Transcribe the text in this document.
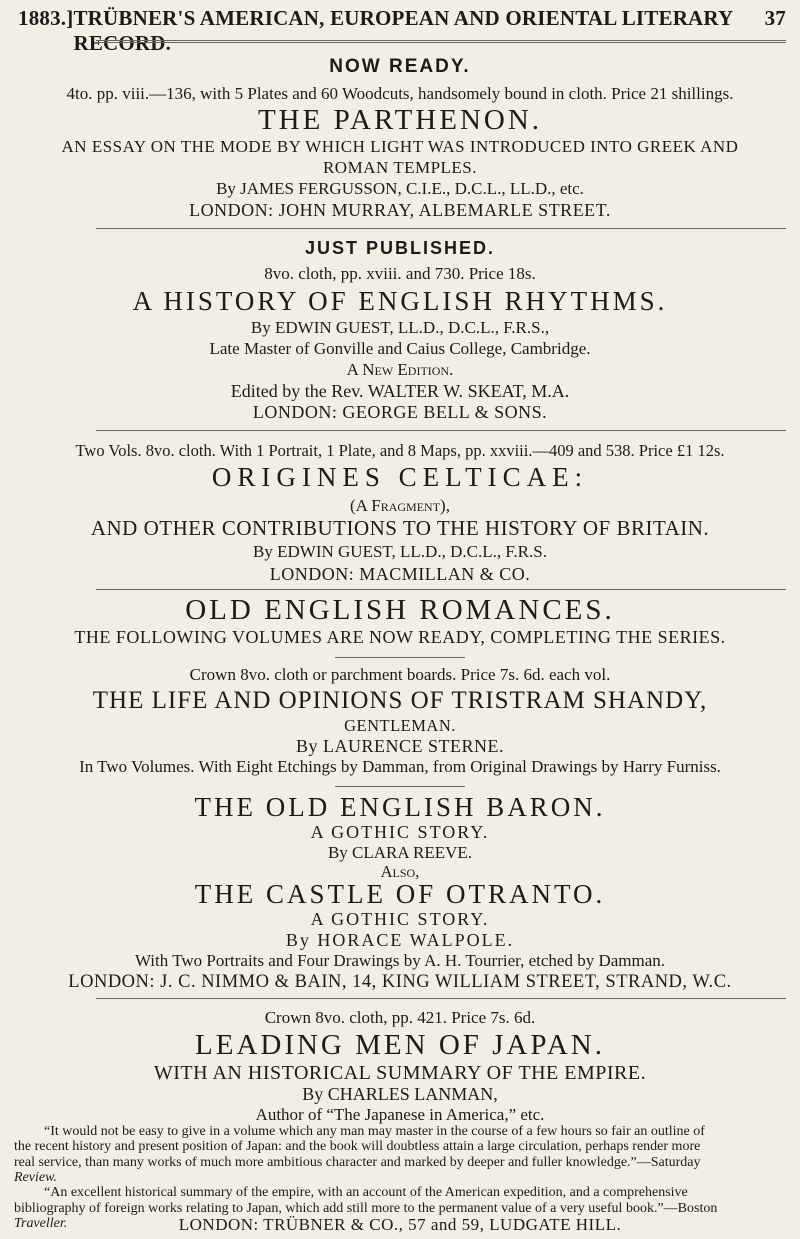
1883.] TRÜBNER'S AMERICAN, EUROPEAN AND ORIENTAL LITERARY RECORD.
37
NOW READY.
4to. pp. viii.—136, with 5 Plates and 60 Woodcuts, handsomely bound in cloth. Price 21 shillings.
THE PARTHENON.
AN ESSAY ON THE MODE BY WHICH LIGHT WAS INTRODUCED INTO GREEK AND
ROMAN TEMPLES.
By JAMES FERGUSSON, C.I.E., D.C.L., LL.D., etc.
LONDON: JOHN MURRAY, ALBEMARLE STREET.
JUST PUBLISHED.
8vo. cloth, pp. xviii. and 730. Price 18s.
A HISTORY OF ENGLISH RHYTHMS.
By EDWIN GUEST, LL.D., D.C.L., F.R.S.,
Late Master of Gonville and Caius College, Cambridge.
A New Edition.
Edited by the Rev. WALTER W. SKEAT, M.A.
LONDON: GEORGE BELL & SONS.
Two Vols. 8vo. cloth. With 1 Portrait, 1 Plate, and 8 Maps, pp. xxviii.—409 and 538. Price £1 12s.
ORIGINES CELTICAE:
(A Fragment),
AND OTHER CONTRIBUTIONS TO THE HISTORY OF BRITAIN.
By EDWIN GUEST, LL.D., D.C.L., F.R.S.
LONDON: MACMILLAN & CO.
OLD ENGLISH ROMANCES.
THE FOLLOWING VOLUMES ARE NOW READY, COMPLETING THE SERIES.
Crown 8vo. cloth or parchment boards. Price 7s. 6d. each vol.
THE LIFE AND OPINIONS OF TRISTRAM SHANDY,
GENTLEMAN.
By LAURENCE STERNE.
In Two Volumes. With Eight Etchings by Damman, from Original Drawings by Harry Furniss.
THE OLD ENGLISH BARON.
A GOTHIC STORY.
By CLARA REEVE.
Also,
THE CASTLE OF OTRANTO.
A GOTHIC STORY.
By HORACE WALPOLE.
With Two Portraits and Four Drawings by A. H. Tourrier, etched by Damman.
LONDON: J. C. NIMMO & BAIN, 14, KING WILLIAM STREET, STRAND, W.C.
Crown 8vo. cloth, pp. 421. Price 7s. 6d.
LEADING MEN OF JAPAN.
WITH AN HISTORICAL SUMMARY OF THE EMPIRE.
By CHARLES LANMAN,
Author of “The Japanese in America,” etc.
“It would not be easy to give in a volume which any man may master in the course of a few hours so fair an outline of
the recent history and present position of Japan: and the book will doubtless attain a large circulation, perhaps render more
real service, than many works of much more ambitious character and marked by deeper and fuller knowledge.”—Saturday
Review.
“An excellent historical summary of the empire, with an account of the American expedition, and a comprehensive
bibliography of foreign works relating to Japan, which add still more to the permanent value of a very useful book.”—Boston
Traveller.	LONDON: TRÜBNER & CO., 57 and 59, LUDGATE HILL.
